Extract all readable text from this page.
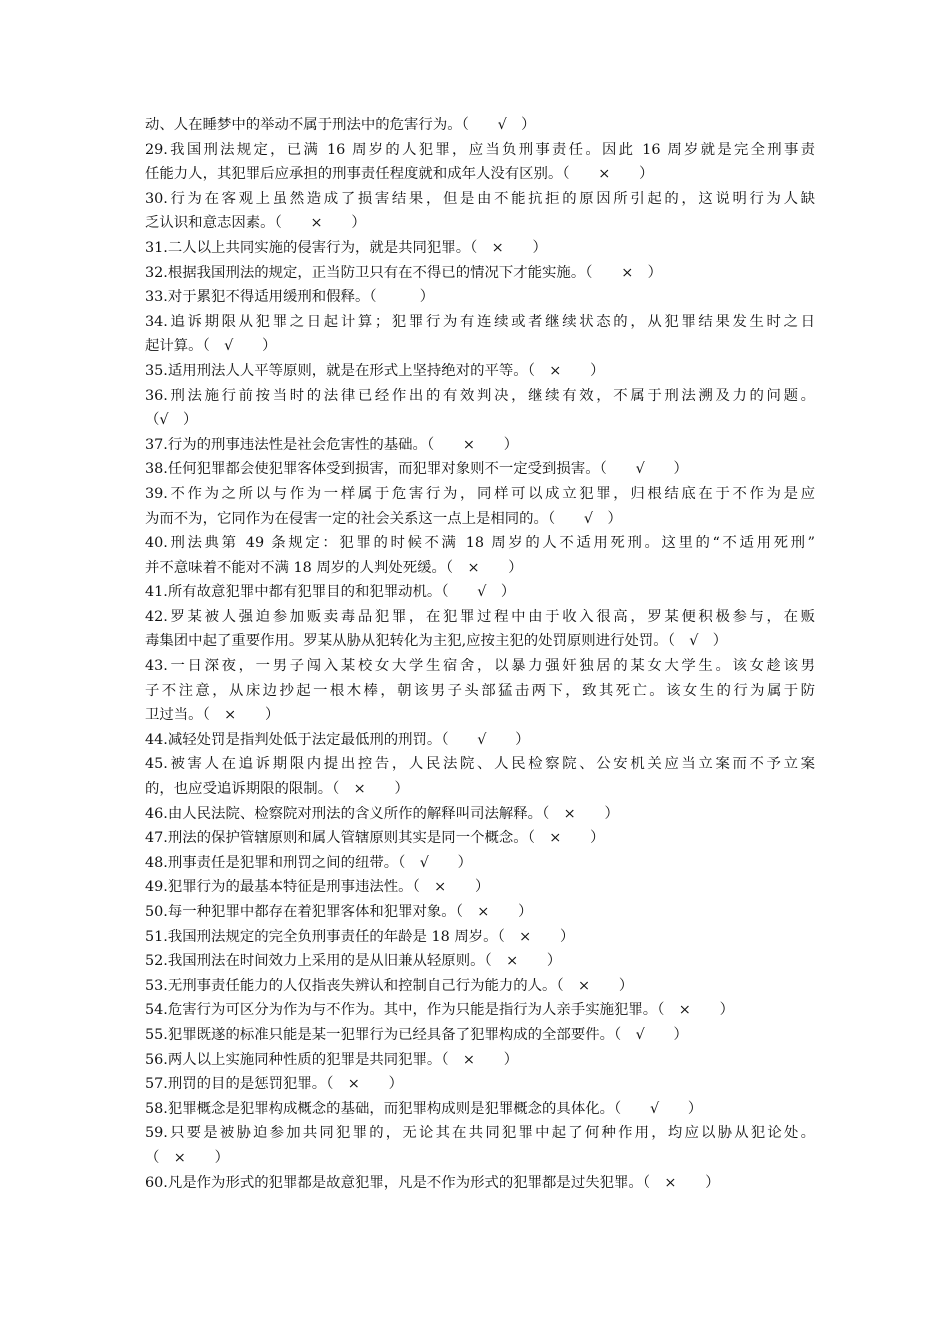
动、人在睡梦中的举动不属于刑法中的危害行为。（　　√　）
29.我国刑法规定，已满 16 周岁的人犯罪，应当负刑事责任。因此 16 周岁就是完全刑事责
任能力人，其犯罪后应承担的刑事责任程度就和成年人没有区别。（　　×　　）
30.行为在客观上虽然造成了损害结果，但是由不能抗拒的原因所引起的，这说明行为人缺
乏认识和意志因素。（　　×　　）
31.二人以上共同实施的侵害行为，就是共同犯罪。（　×　　）
32.根据我国刑法的规定，正当防卫只有在不得已的情况下才能实施。（　　×　）
33.对于累犯不得适用缓刑和假释。（　　　）
34.追诉期限从犯罪之日起计算；犯罪行为有连续或者继续状态的，从犯罪结果发生时之日
起计算。（　√　　）
35.适用刑法人人平等原则，就是在形式上坚持绝对的平等。（　×　　）
36.刑法施行前按当时的法律已经作出的有效判决，继续有效，不属于刑法溯及力的问题。
（√　）
37.行为的刑事违法性是社会危害性的基础。（　　×　　）
38.任何犯罪都会使犯罪客体受到损害，而犯罪对象则不一定受到损害。（　　√　　）
39.不作为之所以与作为一样属于危害行为，同样可以成立犯罪，归根结底在于不作为是应
为而不为，它同作为在侵害一定的社会关系这一点上是相同的。（　　√　）
40.刑法典第 49 条规定：犯罪的时候不满 18 周岁的人不适用死刑。这里的“不适用死刑”
并不意味着不能对不满 18 周岁的人判处死缓。（　×　　）
41.所有故意犯罪中都有犯罪目的和犯罪动机。（　　√　）
42.罗某被人强迫参加贩卖毒品犯罪，在犯罪过程中由于收入很高，罗某便积极参与，在贩
毒集团中起了重要作用。罗某从胁从犯转化为主犯,应按主犯的处罚原则进行处罚。（　√　）
43.一日深夜，一男子闯入某校女大学生宿舍，以暴力强奸独居的某女大学生。该女趁该男
子不注意，从床边抄起一根木棒，朝该男子头部猛击两下，致其死亡。该女生的行为属于防
卫过当。（　×　　）
44.减轻处罚是指判处低于法定最低刑的刑罚。（　　√　　）
45.被害人在追诉期限内提出控告，人民法院、人民检察院、公安机关应当立案而不予立案
的，也应受追诉期限的限制。（　×　　）
46.由人民法院、检察院对刑法的含义所作的解释叫司法解释。（　×　　）
47.刑法的保护管辖原则和属人管辖原则其实是同一个概念。（　×　　）
48.刑事责任是犯罪和刑罚之间的纽带。（　√　　）
49.犯罪行为的最基本特征是刑事违法性。（　×　　）
50.每一种犯罪中都存在着犯罪客体和犯罪对象。（　×　　）
51.我国刑法规定的完全负刑事责任的年龄是 18 周岁。（　×　　）
52.我国刑法在时间效力上采用的是从旧兼从轻原则。（　×　　）
53.无刑事责任能力的人仅指丧失辨认和控制自己行为能力的人。（　×　　）
54.危害行为可区分为作为与不作为。其中，作为只能是指行为人亲手实施犯罪。（　×　　）
55.犯罪既遂的标准只能是某一犯罪行为已经具备了犯罪构成的全部要件。（　√　　）
56.两人以上实施同种性质的犯罪是共同犯罪。（　×　　）
57.刑罚的目的是惩罚犯罪。（　×　　）
58.犯罪概念是犯罪构成概念的基础，而犯罪构成则是犯罪概念的具体化。（　　√　　）
59.只要是被胁迫参加共同犯罪的，无论其在共同犯罪中起了何种作用，均应以胁从犯论处。
（　×　　）
60.凡是作为形式的犯罪都是故意犯罪，凡是不作为形式的犯罪都是过失犯罪。（　×　　）
